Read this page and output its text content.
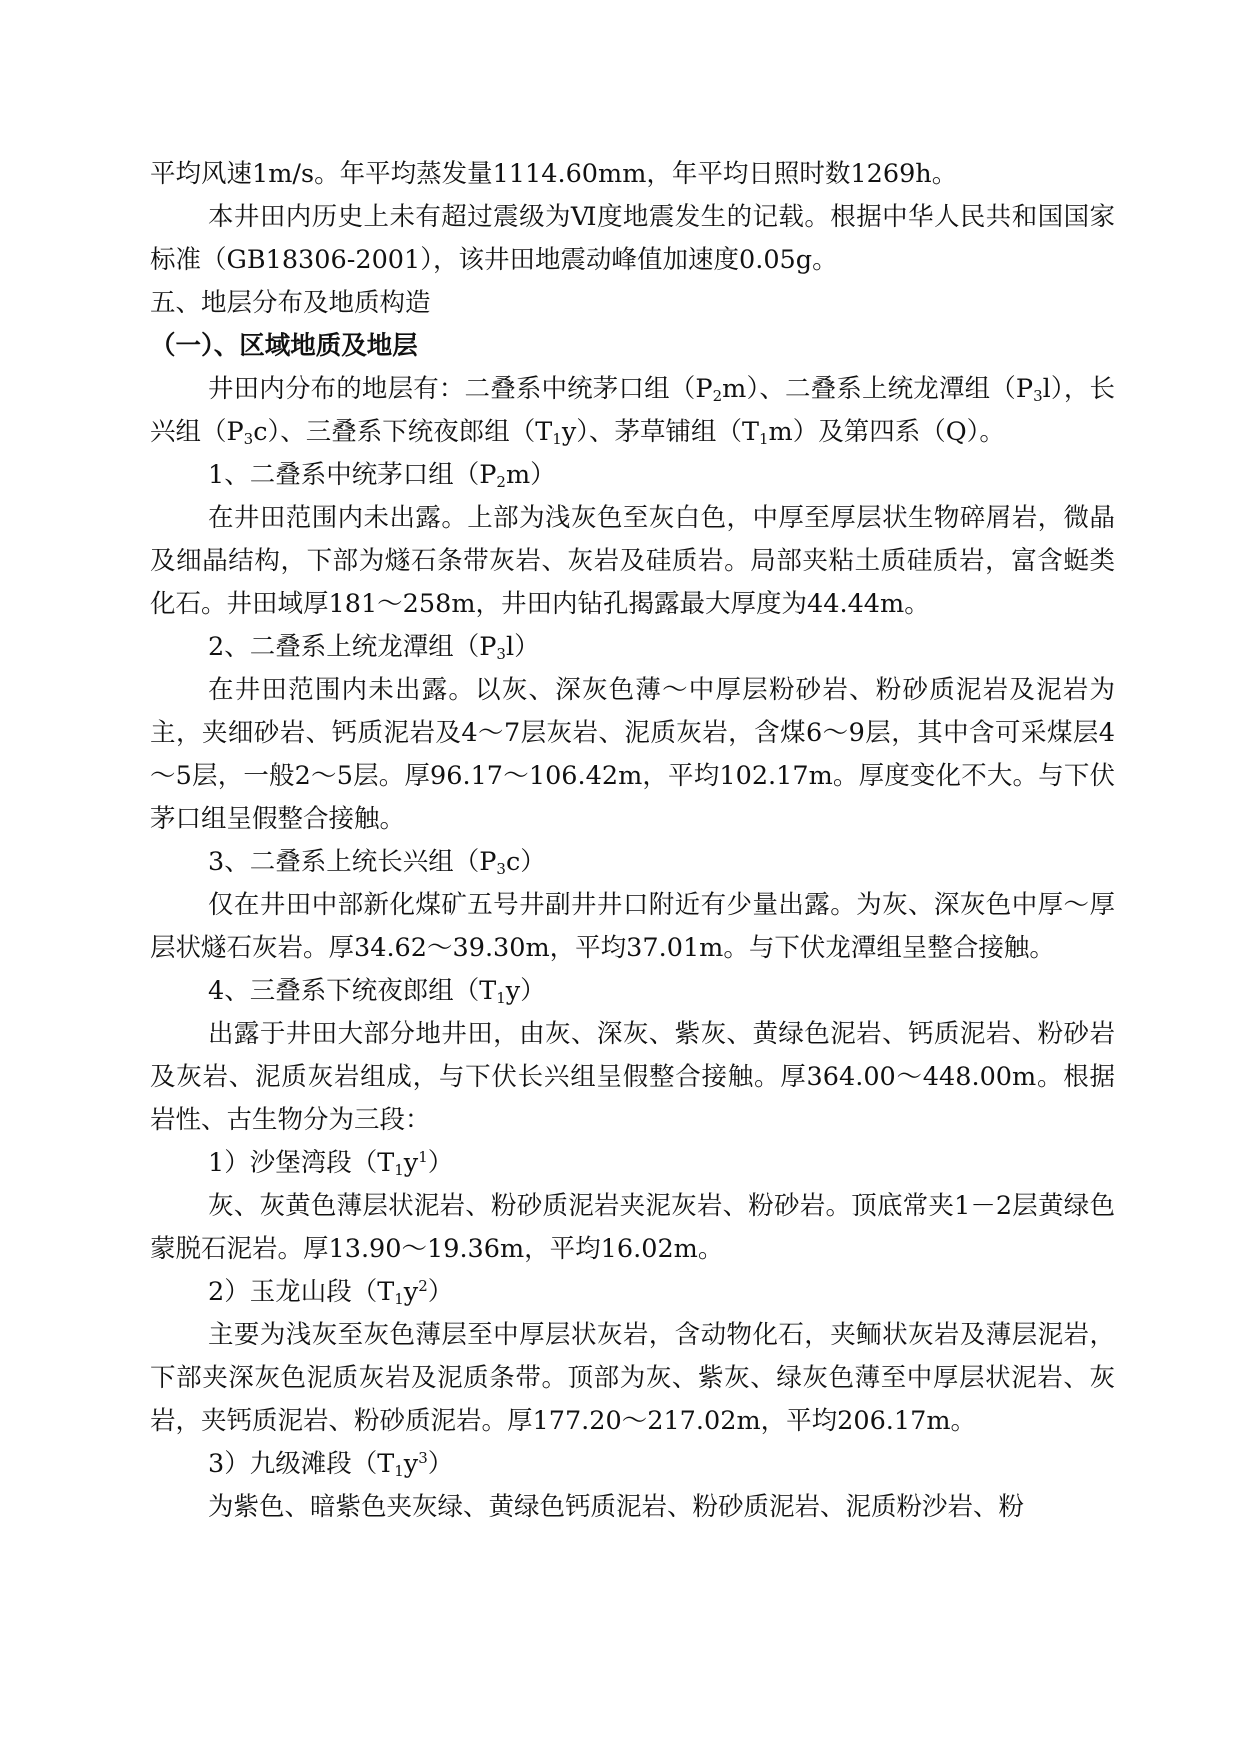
平均风速1m/s。年平均蒸发量1114.60mm，年平均日照时数1269h。

本井田内历史上未有超过震级为Ⅵ度地震发生的记载。根据中华人民共和国国家标准（GB18306-2001），该井田地震动峰值加速度0.05g。

五、地层分布及地质构造

（一）、区域地质及地层

井田内分布的地层有：二叠系中统茅口组$(P_2m)$、二叠系上统龙潭组$(P_3l)$，长兴组$(P_3c)$、三叠系下统夜郎组$(T_1y)$、茅草铺组$(T_1m)$及第四系（Q）。

1、二叠系中统茅口组$(P_2m)$

在井田范围内未出露。上部为浅灰色至灰白色，中厚至厚层状生物碎屑岩，微晶及细晶结构，下部为燧石条带灰岩、灰岩及硅质岩。局部夹粘土质硅质岩，富含蜓类化石。井田域厚181～258m，井田内钻孔揭露最大厚度为44.44m。

2、二叠系上统龙潭组$(P_3l)$

在井田范围内未出露。以灰、深灰色薄～中厚层粉砂岩、粉砂质泥岩及泥岩为主，夹细砂岩、钙质泥岩及4～7层灰岩、泥质灰岩，含煤6～9层，其中含可采煤层4～5层，一般2～5层。厚96.17～106.42m，平均102.17m。厚度变化不大。与下伏茅口组呈假整合接触。

3、二叠系上统长兴组$(P_3c)$

仅在井田中部新化煤矿五号井副井井口附近有少量出露。为灰、深灰色中厚～厚层状燧石灰岩。厚34.62～39.30m，平均37.01m。与下伏龙潭组呈整合接触。

4、三叠系下统夜郎组$(T_1y)$

出露于井田大部分地井田，由灰、深灰、紫灰、黄绿色泥岩、钙质泥岩、粉砂岩及灰岩、泥质灰岩组成，与下伏长兴组呈假整合接触。厚364.00～448.00m。根据岩性、古生物分为三段：

1）沙堡湾段$(T_1y^1)$

灰、灰黄色薄层状泥岩、粉砂质泥岩夹泥灰岩、粉砂岩。顶底常夹1－2层黄绿色蒙脱石泥岩。厚13.90～19.36m，平均16.02m。

2）玉龙山段$(T_1y^2)$

主要为浅灰至灰色薄层至中厚层状灰岩，含动物化石，夹鲕状灰岩及薄层泥岩，下部夹深灰色泥质灰岩及泥质条带。顶部为灰、紫灰、绿灰色薄至中厚层状泥岩、灰岩，夹钙质泥岩、粉砂质泥岩。厚177.20～217.02m，平均206.17m。

3）九级滩段$(T_1y^3)$

为紫色、暗紫色夹灰绿、黄绿色钙质泥岩、粉砂质泥岩、泥质粉沙岩、粉
